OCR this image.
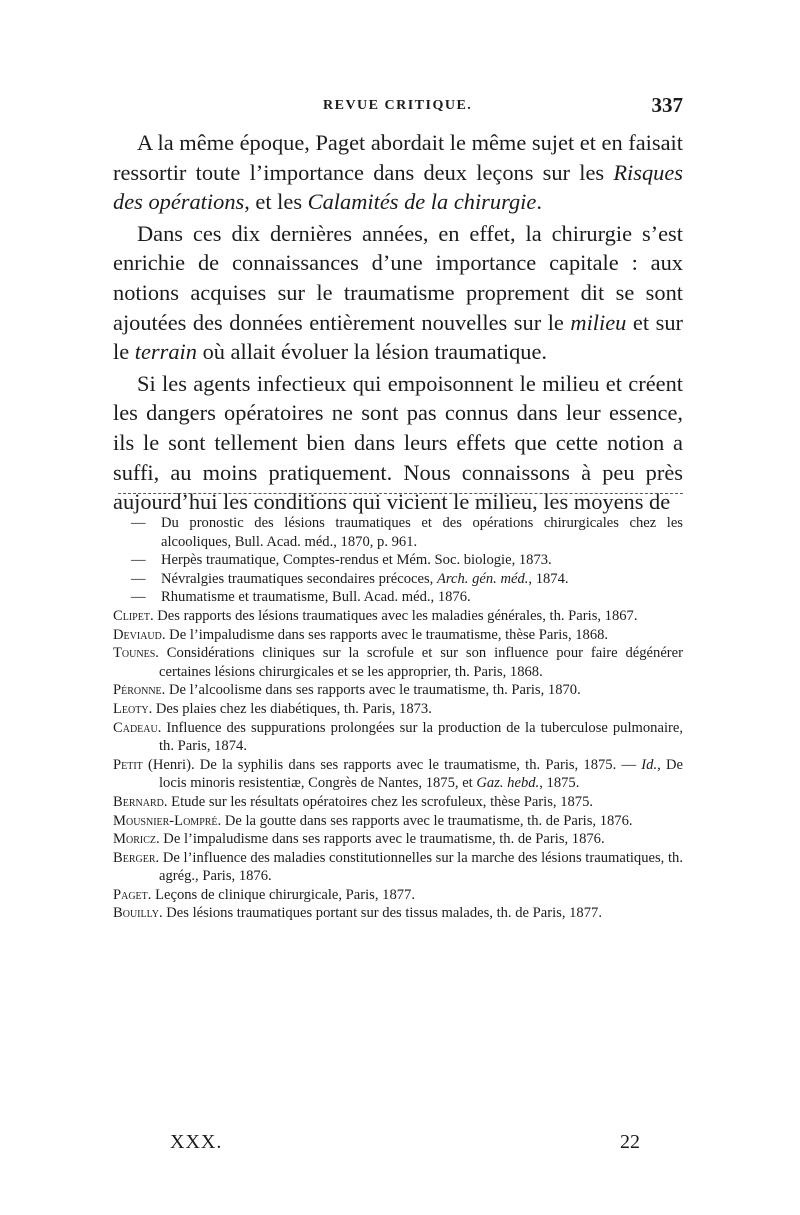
REVUE CRITIQUE.	337

A la même époque, Paget abordait le même sujet et en faisait ressortir toute l’importance dans deux leçons sur les Risques des opérations, et les Calamités de la chirurgie.

Dans ces dix dernières années, en effet, la chirurgie s’est enrichie de connaissances d’une importance capitale : aux notions acquises sur le traumatisme proprement dit se sont ajoutées des données entièrement nouvelles sur le milieu et sur le terrain où allait évoluer la lésion traumatique.

Si les agents infectieux qui empoisonnent le milieu et créent les dangers opératoires ne sont pas connus dans leur essence, ils le sont tellement bien dans leurs effets que cette notion a suffi, au moins pratiquement. Nous connaissons à peu près aujourd’hui les conditions qui vicient le milieu, les moyens de

— Du pronostic des lésions traumatiques et des opérations chirurgicales chez les alcooliques, Bull. Acad. méd., 1870, p. 961.

— Herpès traumatique, Comptes-rendus et Mém. Soc. biologie, 1873.

— Névralgies traumatiques secondaires précoces, Arch. gén. méd., 1874.

— Rhumatisme et traumatisme, Bull. Acad. méd., 1876.

Clipet. Des rapports des lésions traumatiques avec les maladies générales, th. Paris, 1867.

Deviaud. De l’impaludisme dans ses rapports avec le traumatisme, thèse Paris, 1868.

Tounes. Considérations cliniques sur la scrofule et sur son influence pour faire dégénérer certaines lésions chirurgicales et se les approprier, th. Paris, 1868.

Péronne. De l’alcoolisme dans ses rapports avec le traumatisme, th. Paris, 1870.

Leoty. Des plaies chez les diabétiques, th. Paris, 1873.

Cadeau. Influence des suppurations prolongées sur la production de la tuberculose pulmonaire, th. Paris, 1874.

Petit (Henri). De la syphilis dans ses rapports avec le traumatisme, th. Paris, 1875. — Id., De locis minoris resistentiæ, Congrès de Nantes, 1875, et Gaz. hebd., 1875.

Bernard. Etude sur les résultats opératoires chez les scrofuleux, thèse Paris, 1875.

Mousnier-Lompré. De la goutte dans ses rapports avec le traumatisme, th. de Paris, 1876.

Moricz. De l’impaludisme dans ses rapports avec le traumatisme, th. de Paris, 1876.

Berger. De l’influence des maladies constitutionnelles sur la marche des lésions traumatiques, th. agrég., Paris, 1876.

Paget. Leçons de clinique chirurgicale, Paris, 1877.

Bouilly. Des lésions traumatiques portant sur des tissus malades, th. de Paris, 1877.

XXX.	22
